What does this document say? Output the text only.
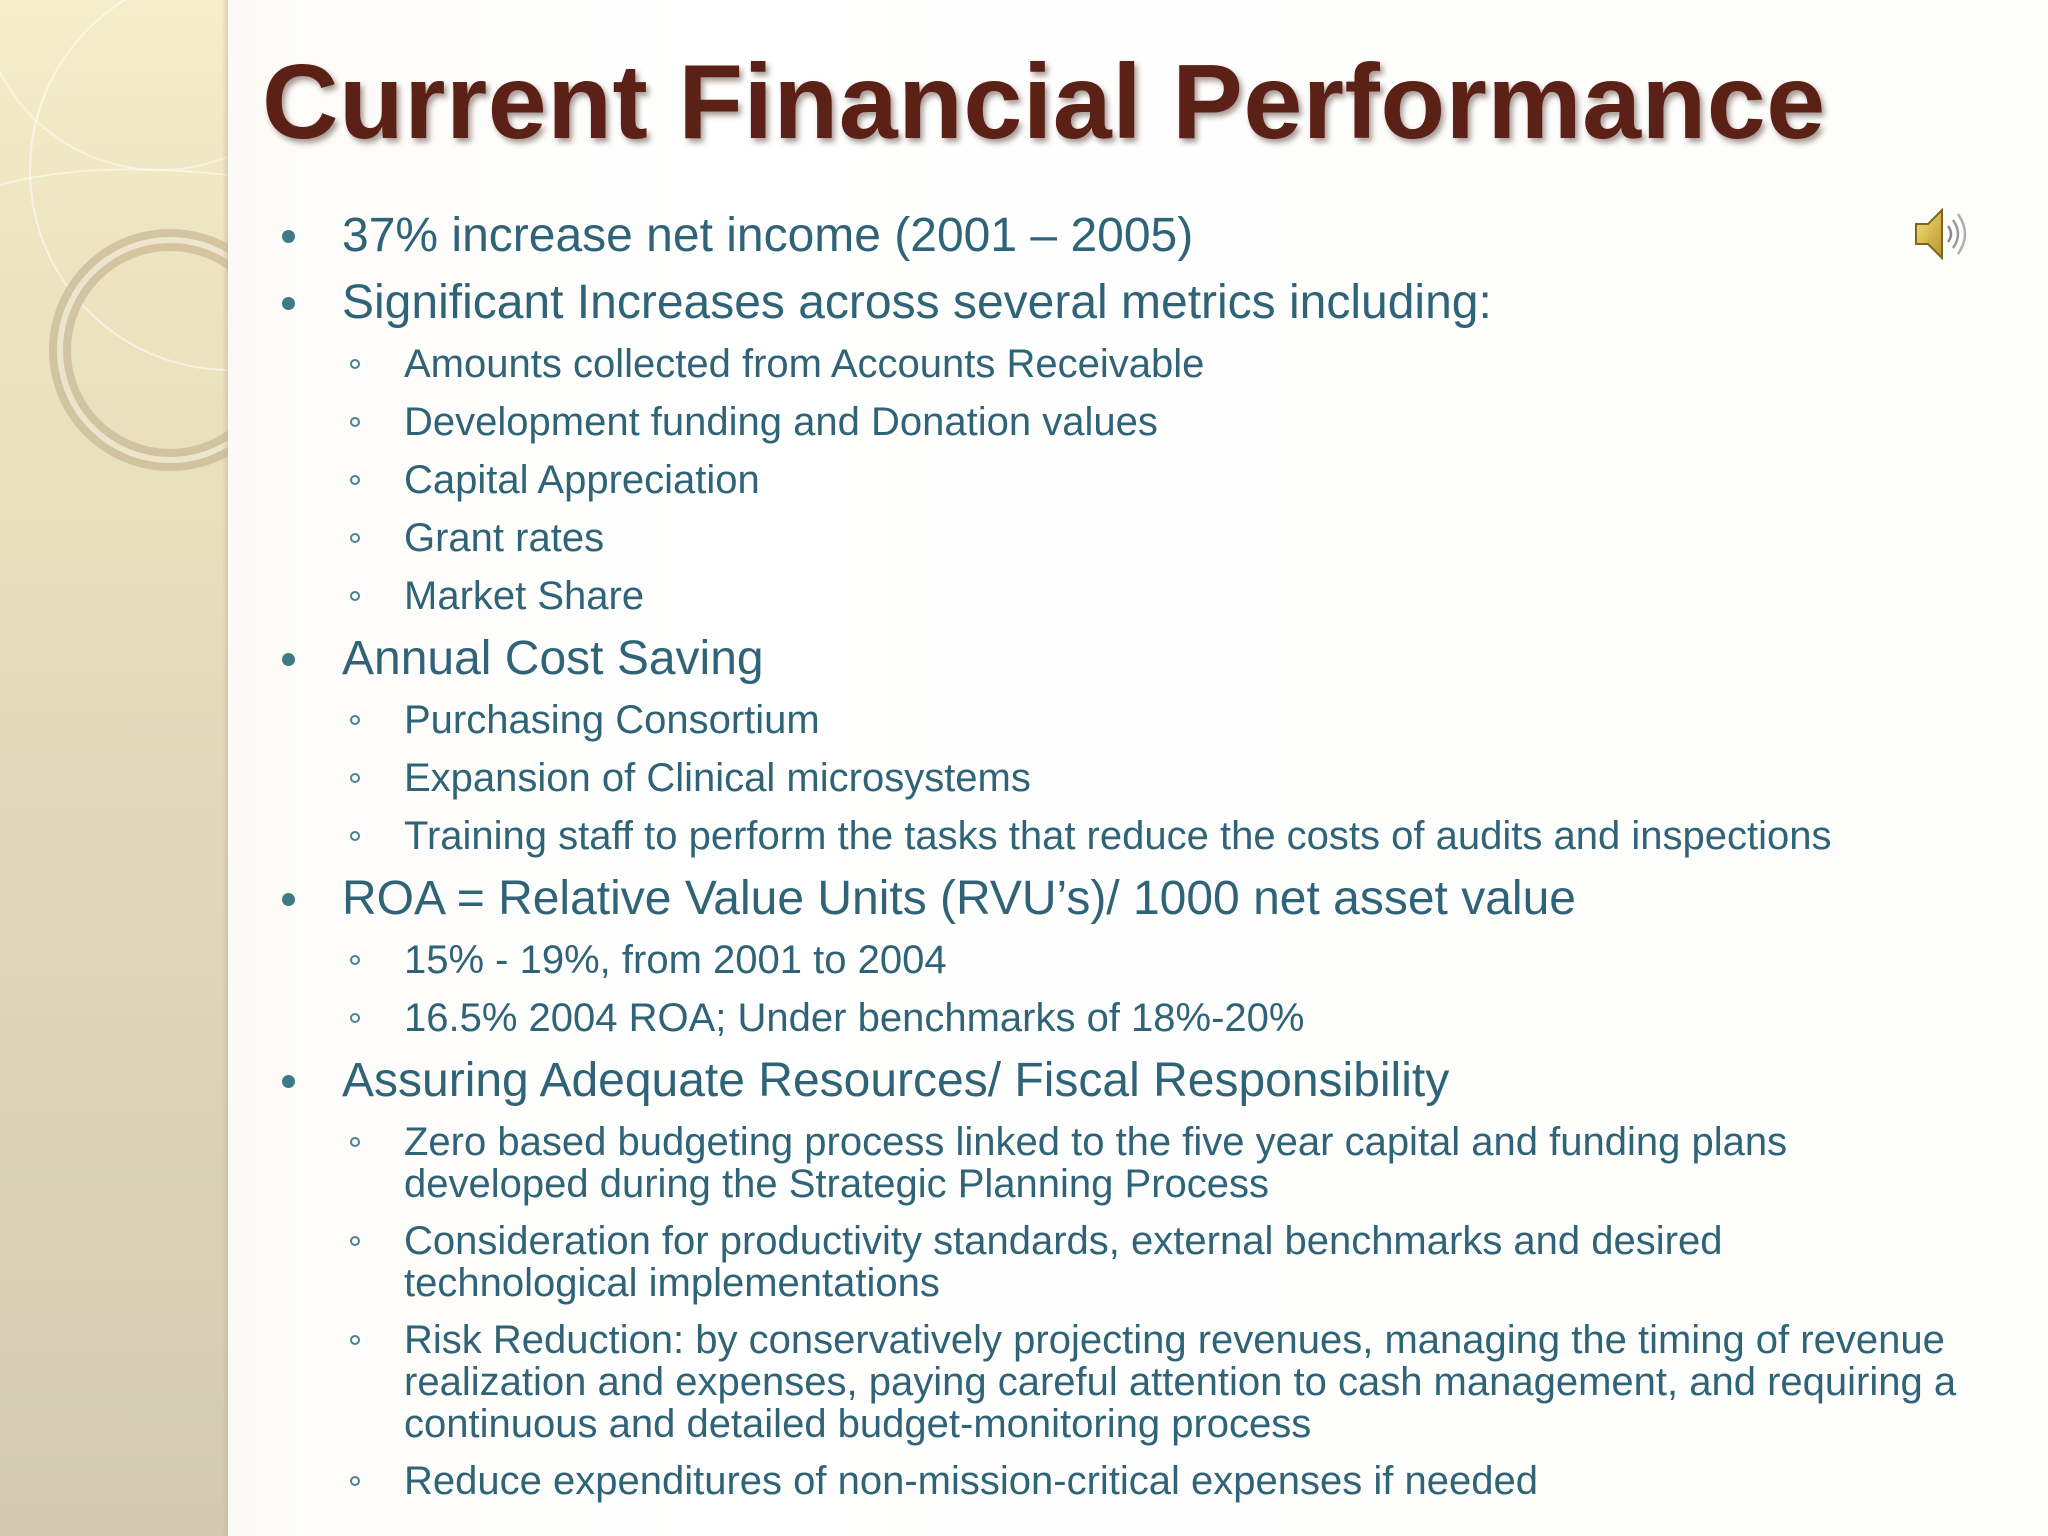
Current Financial Performance
37% increase net income (2001 – 2005)
Significant Increases across several metrics including:
Amounts collected from Accounts Receivable
Development funding and Donation values
Capital Appreciation
Grant rates
Market Share
Annual Cost Saving
Purchasing Consortium
Expansion of Clinical microsystems
Training staff to perform the tasks that reduce the costs of audits and inspections
ROA = Relative Value Units (RVU’s)/ 1000 net asset value
15% - 19%, from 2001 to 2004
16.5% 2004 ROA; Under benchmarks of 18%-20%
Assuring Adequate Resources/ Fiscal Responsibility
Zero based budgeting process linked to the five year capital and funding plans developed during the Strategic Planning Process
Consideration for productivity standards, external benchmarks and desired technological implementations
Risk Reduction: by conservatively projecting revenues, managing the timing of revenue realization and expenses, paying careful attention to cash management, and requiring a continuous and detailed budget-monitoring process
Reduce expenditures of non-mission-critical expenses if needed
